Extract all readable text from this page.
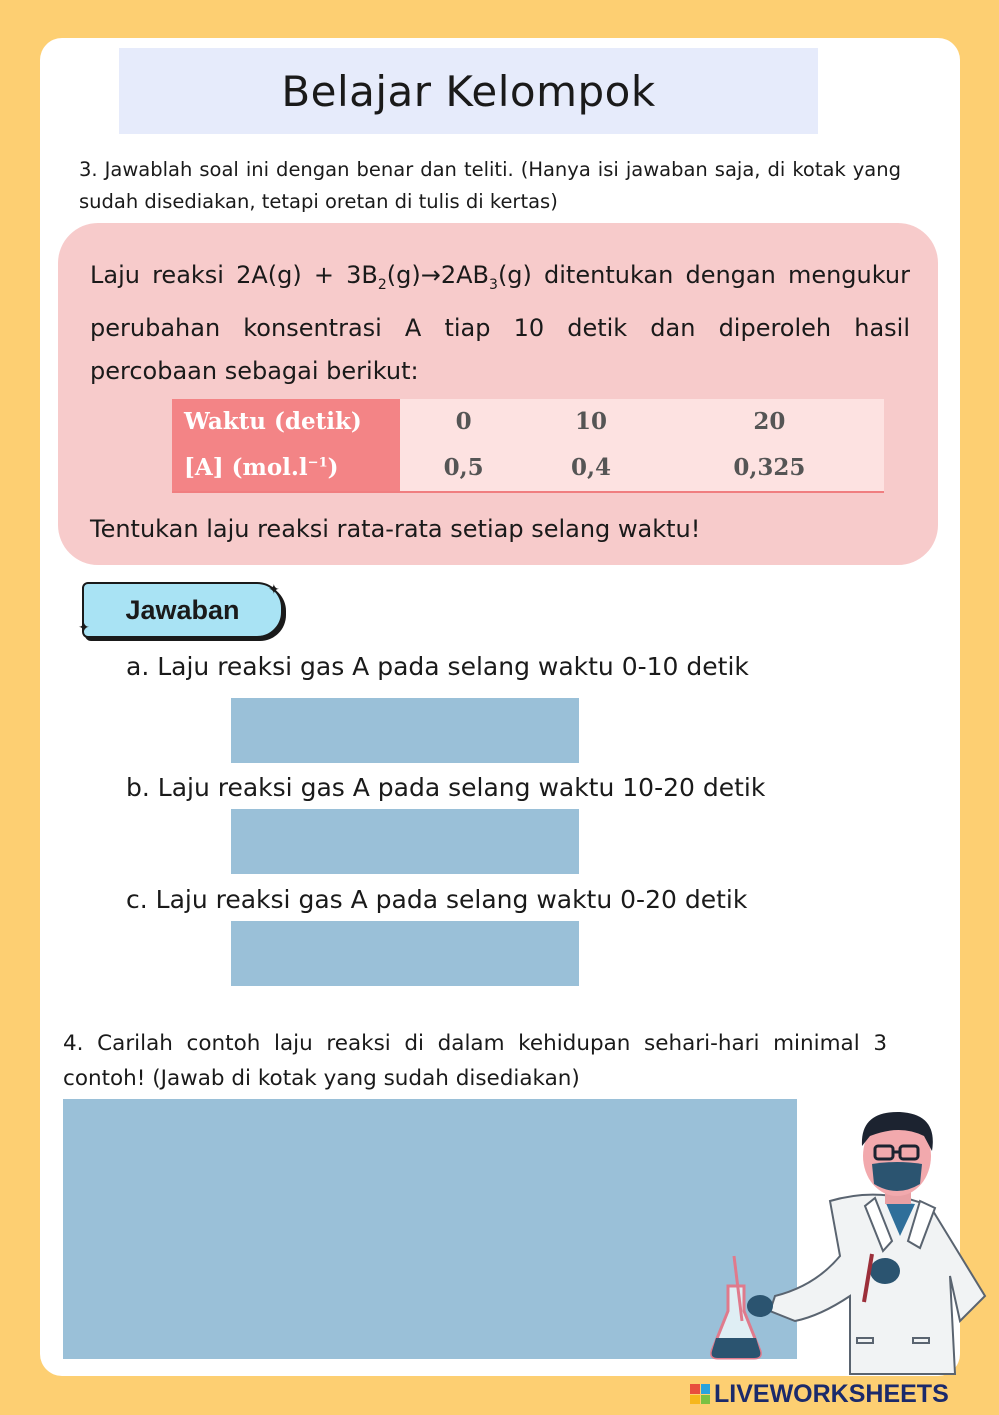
Belajar Kelompok
3. Jawablah soal ini dengan benar dan teliti. (Hanya isi jawaban saja, di kotak yang sudah disediakan, tetapi oretan di tulis di kertas)
Laju reaksi $2A(g) + 3B_2(g)\to 2AB_3(g)$ ditentukan dengan mengukur perubahan konsentrasi A tiap 10 detik dan diperoleh hasil percobaan sebagai berikut:
Waktu (detik)	0	10	20
[A] $(mol.l^{-1})$	0,5	0,4	0,325
Tentukan laju reaksi rata-rata setiap selang waktu!
Jawaban
✦
✦
a. Laju reaksi gas A pada selang waktu 0-10 detik
b. Laju reaksi gas A pada selang waktu 10-20 detik
c. Laju reaksi gas A pada selang waktu 0-20 detik
4. Carilah contoh laju reaksi di dalam kehidupan sehari-hari minimal 3 contoh! (Jawab di kotak yang sudah disediakan)
LIVEWORKSHEETS
